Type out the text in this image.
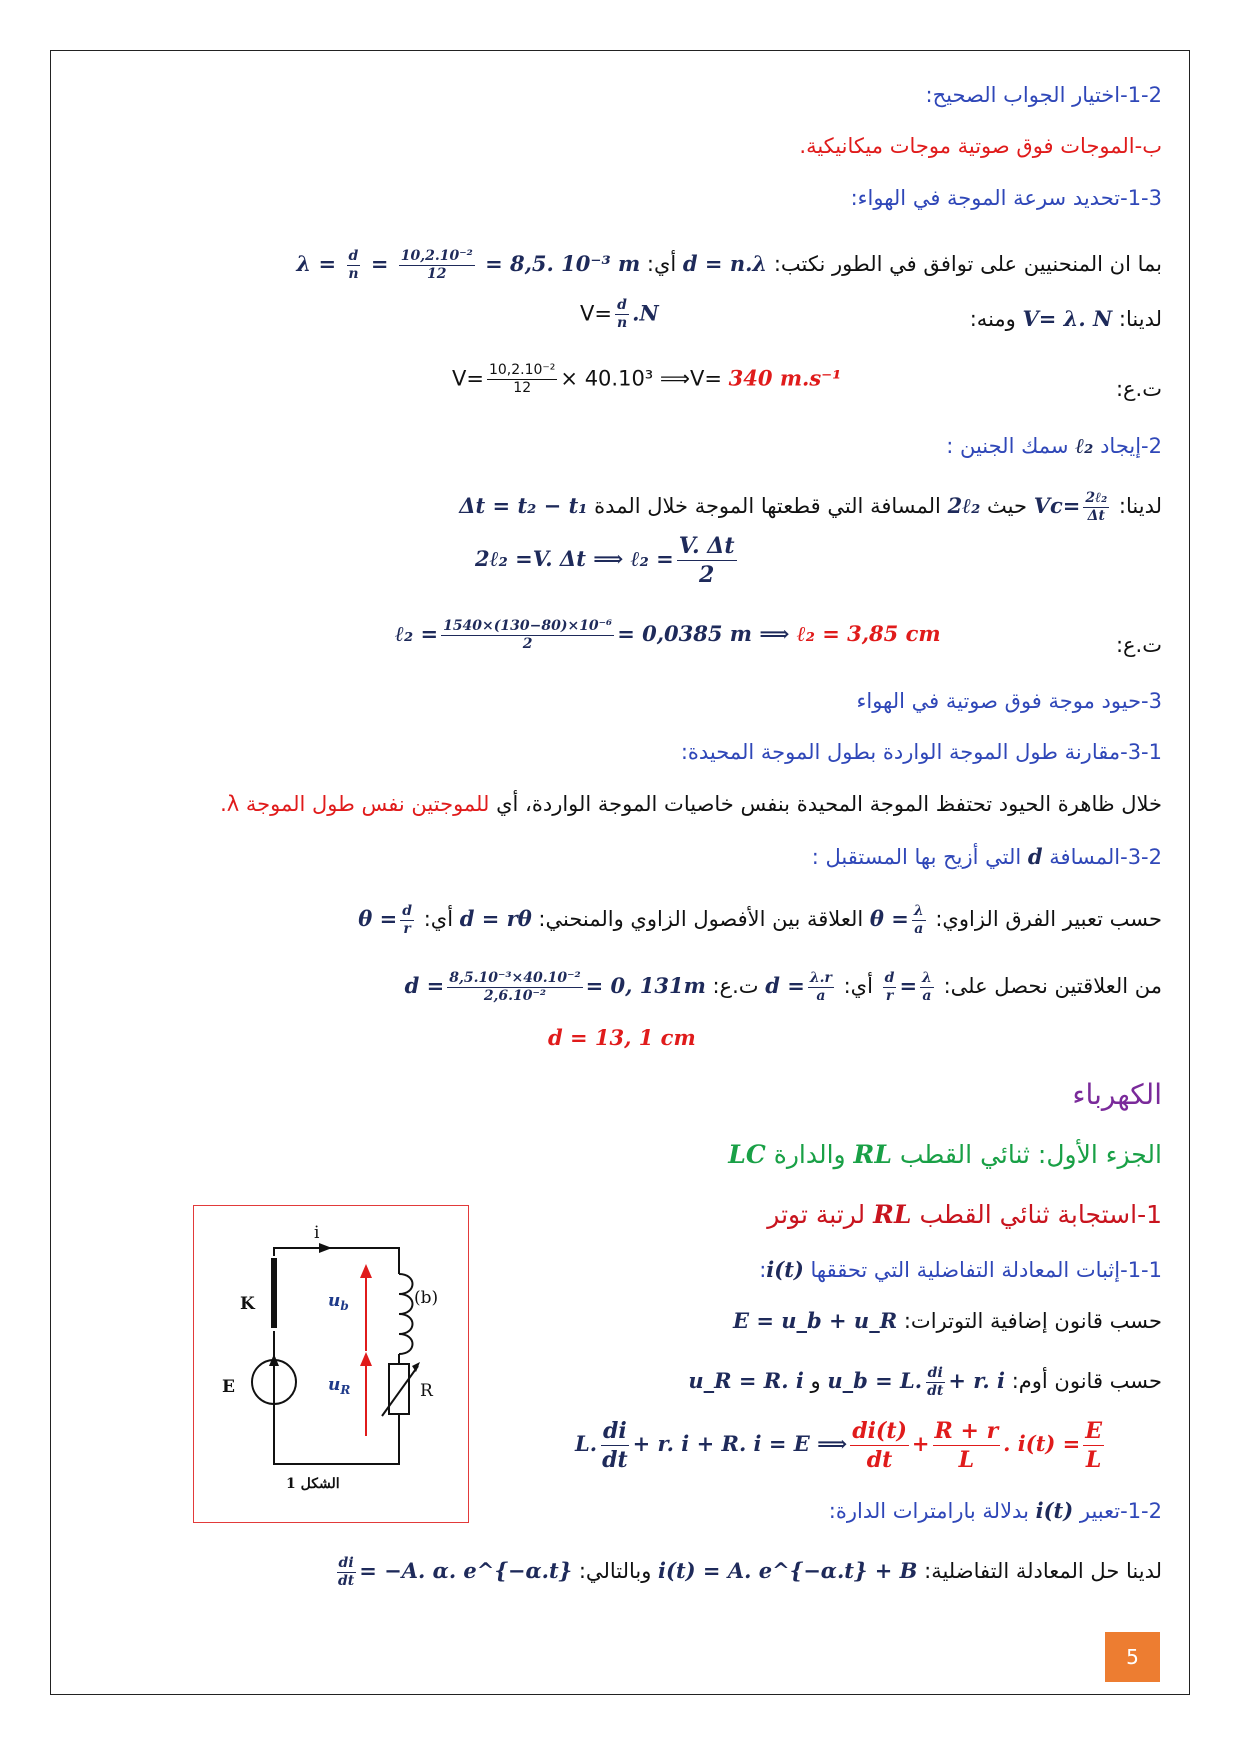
1-2-اختيار الجواب الصحيح:
ب-الموجات فوق صوتية موجات ميكانيكية.
1-3-تحديد سرعة الموجة في الهواء:
بما ان المنحنيين على توافق في الطور نكتب: d = n.λ أي: $\lambda = \frac{d}{n} = \frac{\text{10,2.10⁻²}}{12} = 8,5$. 10⁻³ m
لدينا: V= λ. N ومنه:
$V= \frac{d}{n} .N$
ت.ع:
$V= \frac{\text{10,2.10⁻²}}{12} \times 40.10^3$ ⟹V= 340 m.s⁻¹
2-إيجاد ℓ₂ سمك الجنين :
لدينا: $Vc= \frac{\text{2ℓ₂}}{\Delta t}$
حيث 2ℓ₂ المسافة التي قطعتها الموجة خلال المدة Δt = t₂ − t₁
2ℓ₂ =V. Δt ⟹ ℓ₂ = $\frac{V. \Delta t}{2}$
ت.ع:
ℓ₂ = $\frac{\text{1540×(130−80)×10⁻⁶}}{2} = 0,0385$ m ⟹ ℓ₂ = 3,85 cm
3-حيود موجة فوق صوتية في الهواء
3-1-مقارنة طول الموجة الواردة بطول الموجة المحيدة:
خلال ظاهرة الحيود تحتفظ الموجة المحيدة بنفس خاصيات الموجة الواردة، أي للموجتين نفس طول الموجة λ.
3-2-المسافة d التي أزيح بها المستقبل :
حسب تعبير الفرق الزاوي: $\theta = \frac{\lambda}{a}$
العلاقة بين الأفصول الزاوي والمنحني: d = rθ أي: $\theta = \frac{d}{r}$
من العلاقتين نحصل على:
$\frac{d}{r} = \frac{\lambda}{a}$
أي: $d = \frac{\lambda.r}{a}$
ت.ع: $d = \frac{\text{8,5.10⁻³×40.10⁻²}}{\text{2,6.10⁻²}} = 0$, 131m
d = 13, 1 cm
الكهرباء
الجزء الأول: ثنائي القطب RL والدارة LC
1-استجابة ثنائي القطب RL لرتبة توتر
1-1-إثبات المعادلة التفاضلية التي تحققها i(t):
حسب قانون إضافية التوترات: E = u_b + u_R
حسب قانون أوم: u_b = L. $\frac{di}{dt} + r$. i و u_R = R. i
L. $\frac{di}{dt} + r$. i + R. i = E ⟹ $\frac{di(t)}{dt} + \frac{R + r}{L}$ . $i(t) = \frac{E}{L}$
1-2-تعبير i(t) بدلالة بارامترات الدارة:
لدينا حل المعادلة التفاضلية: i(t) = A. e^{−α.t} + B وبالتالي:
$\frac{di}{dt} = -A$. α. e^{−α.t}
i
K
E
(b)
R
$u_b$
$u_R$
الشكل 1
5
